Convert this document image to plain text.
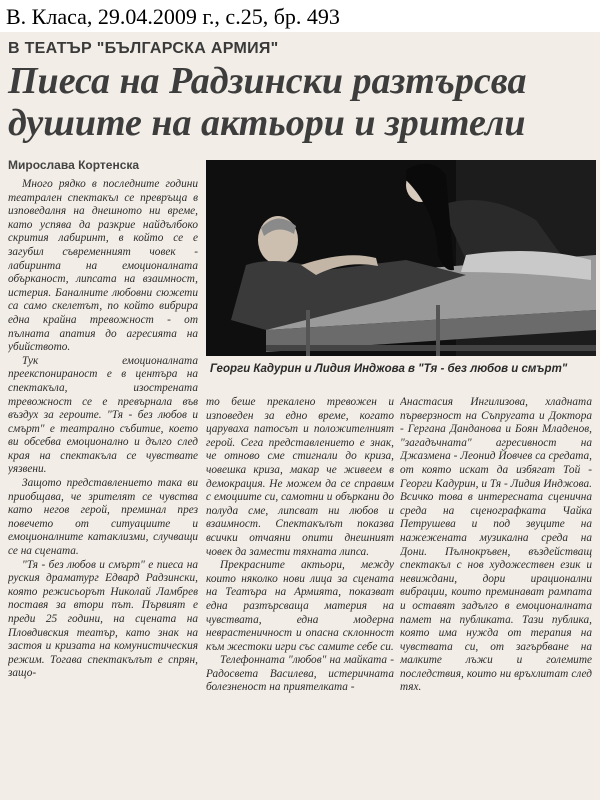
В. Класа, 29.04.2009 г., с.25, бр. 493
В ТЕАТЪР "БЪЛГАРСКА АРМИЯ"
Пиеса на Радзински разтърсва душите на актьори и зрители
Мирослава Кортенска
Георги Кадурин и Лидия Инджова в "Тя - без любов и смърт"

Много рядко в последните години театрален спектакъл се превръща в изповедалня на днешното ни време, като успява да разкрие найдълбоко скрития лабиринт, в който се е загубил съвременният човек - лабиринта на емоционалната обърканост, липсата на взаимност, истерия. Баналните любовни сюжети са само скелетът, по който вибрира една крайна тревожност - от пълната апатия до агресията на убийството.

Тук емоционалната преекспонираност е в центъра на спектакъла, изострената тревожност се е превърнала във въздух за героите. "Тя - без любов и смърт" е театрално събитие, което ви обсебва емоционално и дълго след края на спектакъла се чувствате уязвени.

Защото представлението така ви приобщава, че зрителят се чувства като негов герой, преминал през повечето от ситуациите и емоционалните катаклизми, случващи се на сцената.

"Тя - без любов и смърт" е пиеса на руския драматург Едвард Радзински, която режисьорът Николай Ламбрев поставя за втори път. Първият е преди 25 години, на сцената на Пловдивския театър, като знак на застоя и кризата на комунистическия режим. Тогава спектакълът е спрян, защо-

то беше прекалено тревожен и изповеден за едно време, когато царуваха патосът и положителният герой. Сега представлението е знак, че отново сме стигнали до криза, човешка криза, макар че живеем в демокрация. Не можем да се справим с емоциите си, самотни и объркани до полуда сме, липсват ни любов и взаимност. Спектакълът показва всички отчаяни опити днешният човек да замести тяхната липса.

Прекрасните актьори, между които няколко нови лица за сцената на Театъра на Армията, показват една разтърсваща материя на чувствата, една модерна неврастеничност и опасна склонност към жестоки игри със самите себе си.

Телефонната "любов" на майката - Радосвета Василева, истеричната болезненост на приятелката -

Анастасия Ингилизова, хладната първерзност на Съпругата и Доктора - Гергана Данданова и Боян Младенов, "загадъчната" агресивност на Джазмена - Леонид Йовчев са средата, от която искат да избягат Той - Георги Кадурин, и Тя - Лидия Инджова. Всичко това в интересната сценична среда на сценографката Чайка Петрушева и под звуците на нажежената музикална среда на Дони. Пълнокръвен, въздействащ спектакъл с нов художествен език и невиждани, дори ирационални вибрации, които преминават рампата и оставят задълго в емоционалната памет на публиката. Тази публика, която има нужда от терапия на чувствата си, от загърбване на малките лъжи и големите последствия, които ни връхлитат след тях.
